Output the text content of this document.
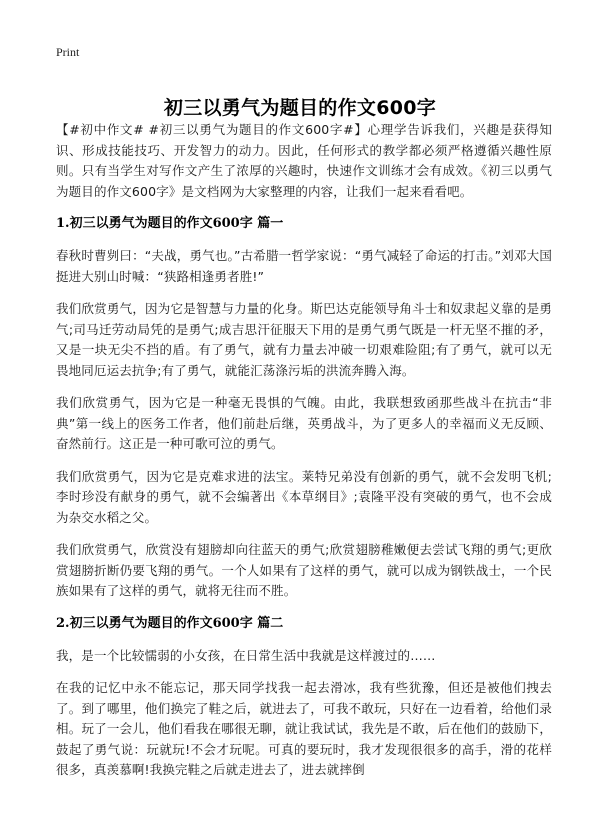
Print
初三以勇气为题目的作文600字

【#初中作文# #初三以勇气为题目的作文600字#】心理学告诉我们，兴趣是获得知识、形成技能技巧、开发智力的动力。因此，任何形式的教学都必须严格遵循兴趣性原则。只有当学生对写作文产生了浓厚的兴趣时，快速作文训练才会有成效。《初三以勇气为题目的作文600字》是文档网为大家整理的内容，让我们一起来看看吧。

1.初三以勇气为题目的作文600字 篇一

春秋时曹刿曰：“夫战，勇气也。”古希腊一哲学家说：“勇气减轻了命运的打击。”刘邓大国挺进大别山时喊：“狭路相逢勇者胜!”

我们欣赏勇气，因为它是智慧与力量的化身。斯巴达克能领导角斗士和奴隶起义靠的是勇气;司马迁劳动局凭的是勇气;成吉思汗征服天下用的是勇气勇气既是一杆无坚不摧的矛，又是一块无尖不挡的盾。有了勇气，就有力量去冲破一切艰难险阻;有了勇气，就可以无畏地同厄运去抗争;有了勇气，就能汇荡涤污垢的洪流奔腾入海。

我们欣赏勇气，因为它是一种毫无畏惧的气魄。由此，我联想致函那些战斗在抗击“非典”第一线上的医务工作者，他们前赴后继，英勇战斗，为了更多人的幸福而义无反顾、奋然前行。这正是一种可歌可泣的勇气。

我们欣赏勇气，因为它是克难求进的法宝。莱特兄弟没有创新的勇气，就不会发明飞机;李时珍没有献身的勇气，就不会编著出《本草纲目》;袁隆平没有突破的勇气，也不会成为杂交水稻之父。

我们欣赏勇气，欣赏没有翅膀却向往蓝天的勇气;欣赏翅膀稚嫩便去尝试飞翔的勇气;更欣赏翅膀折断仍要飞翔的勇气。一个人如果有了这样的勇气，就可以成为钢铁战士，一个民族如果有了这样的勇气，就将无往而不胜。

2.初三以勇气为题目的作文600字 篇二

我，是一个比较懦弱的小女孩，在日常生活中我就是这样渡过的……

在我的记忆中永不能忘记，那天同学找我一起去滑冰，我有些犹豫，但还是被他们拽去了。到了哪里，他们换完了鞋之后，就进去了，可我不敢玩，只好在一边看着，给他们录相。玩了一会儿，他们看我在哪很无聊，就让我试试，我先是不敢，后在他们的鼓励下，鼓起了勇气说：玩就玩!不会才玩呢。可真的要玩时，我才发现很很多的高手，滑的花样很多，真羡慕啊!我换完鞋之后就走进去了，进去就摔倒
